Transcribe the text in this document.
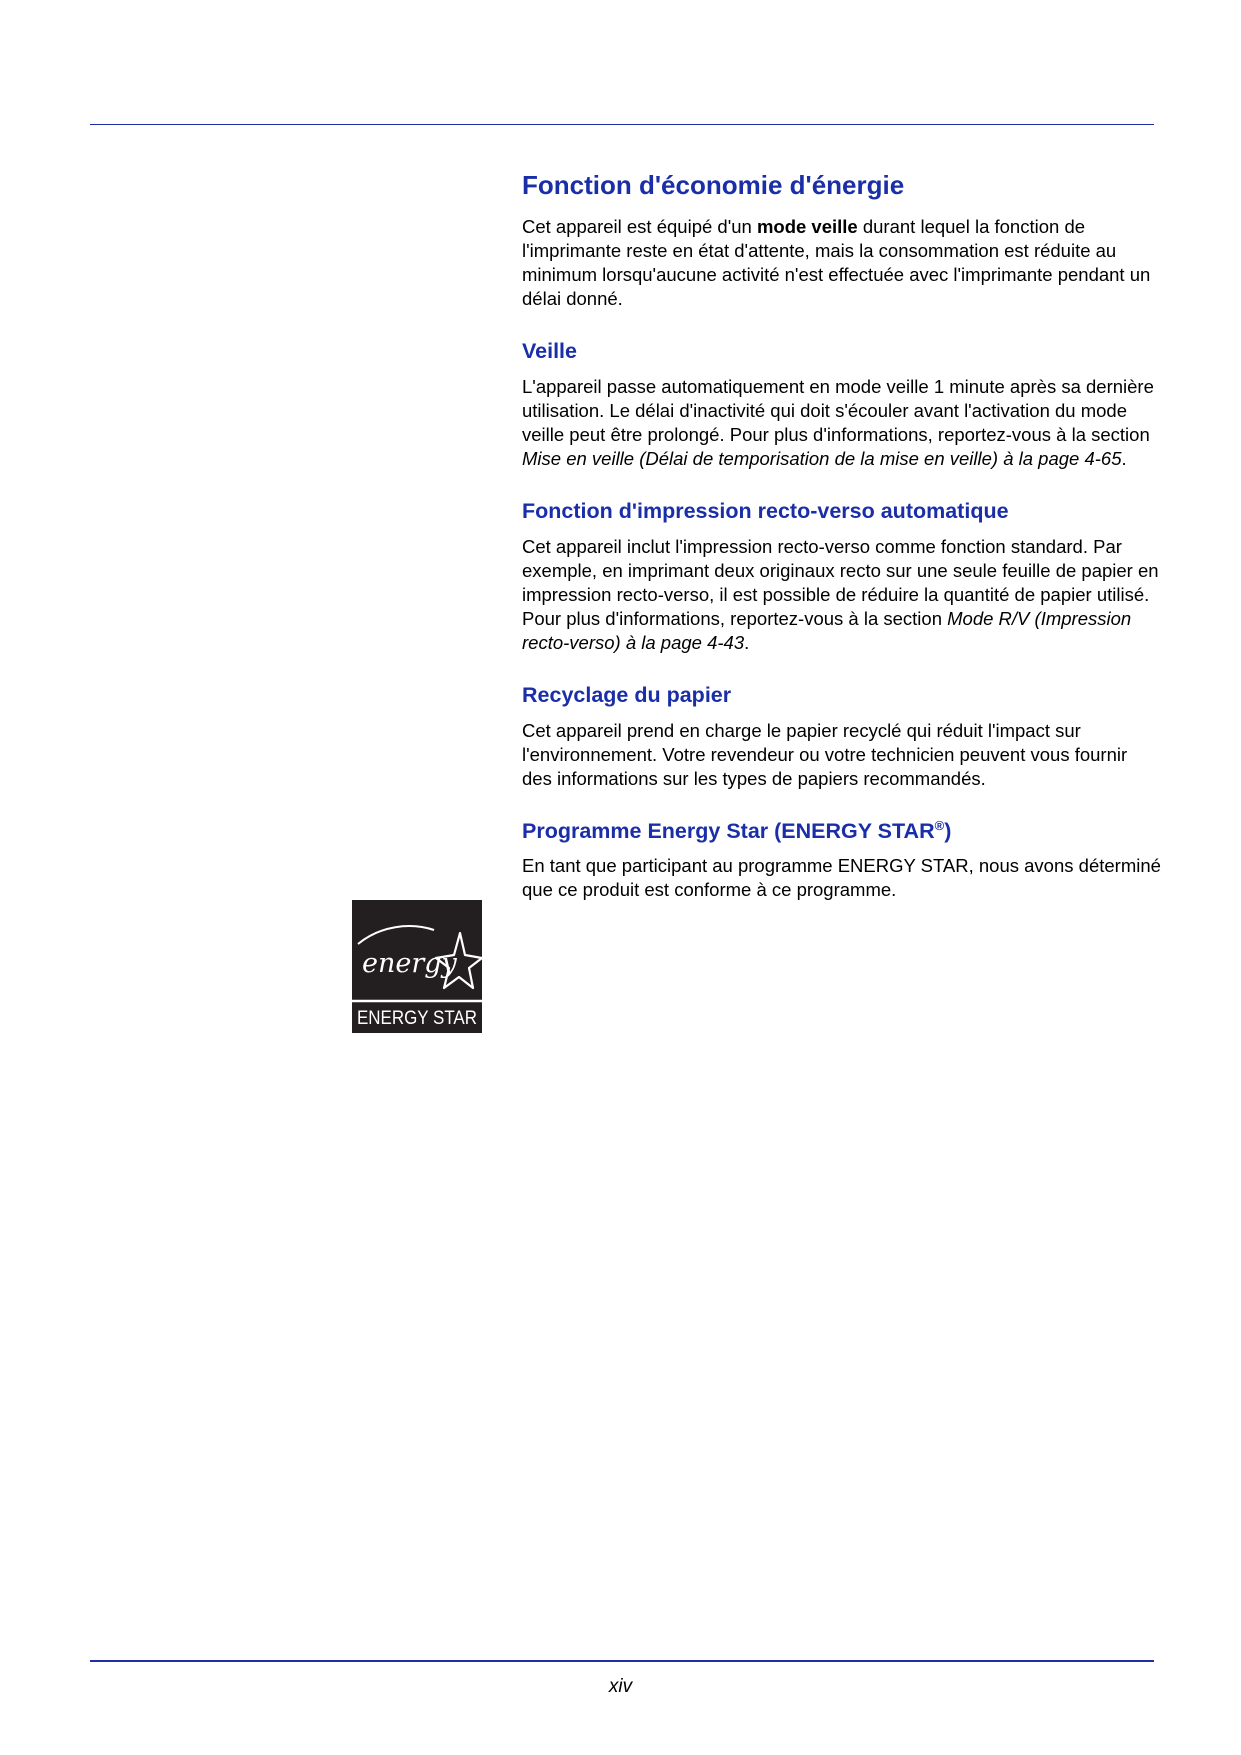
Fonction d'économie d'énergie

Cet appareil est équipé d'un mode veille durant lequel la fonction de l'imprimante reste en état d'attente, mais la consommation est réduite au minimum lorsqu'aucune activité n'est effectuée avec l'imprimante pendant un délai donné.

Veille

L'appareil passe automatiquement en mode veille 1 minute après sa dernière utilisation. Le délai d'inactivité qui doit s'écouler avant l'activation du mode veille peut être prolongé. Pour plus d'informations, reportez-vous à la section Mise en veille (Délai de temporisation de la mise en veille) à la page 4-65.

Fonction d'impression recto-verso automatique

Cet appareil inclut l'impression recto-verso comme fonction standard. Par exemple, en imprimant deux originaux recto sur une seule feuille de papier en impression recto-verso, il est possible de réduire la quantité de papier utilisé. Pour plus d'informations, reportez-vous à la section Mode R/V (Impression recto-verso) à la page 4-43.

Recyclage du papier

Cet appareil prend en charge le papier recyclé qui réduit l'impact sur l'environnement. Votre revendeur ou votre technicien peuvent vous fournir des informations sur les types de papiers recommandés.

Programme Energy Star (ENERGY STAR®)

En tant que participant au programme ENERGY STAR, nous avons déterminé que ce produit est conforme à ce programme.

energy
ENERGY STAR
xiv
